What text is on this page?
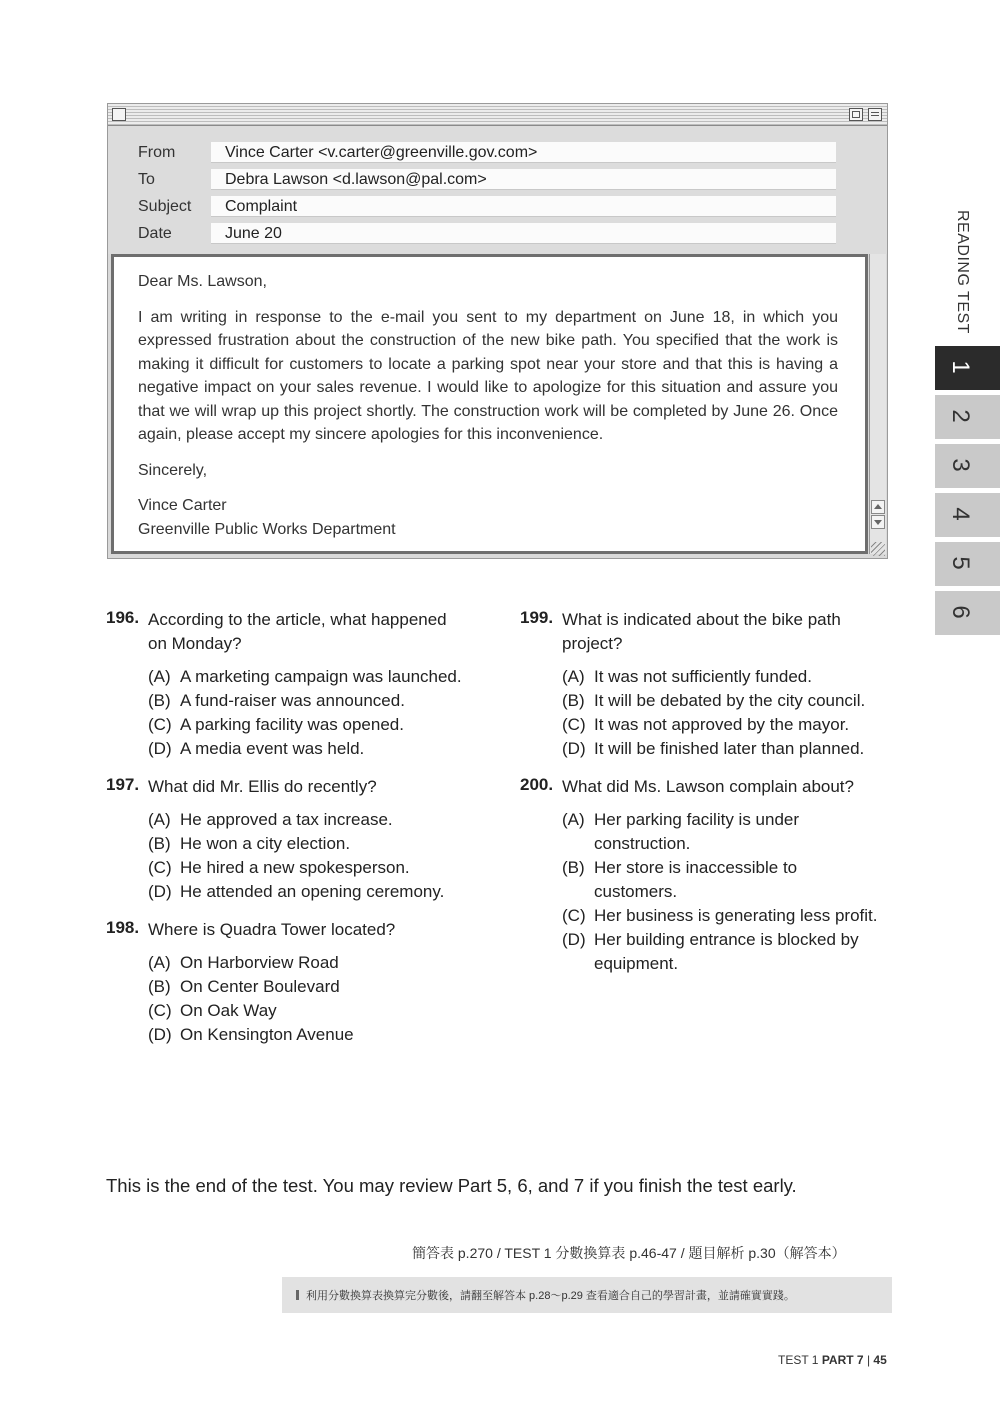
From	Vince Carter <v.carter@greenville.gov.com>
To	Debra Lawson <d.lawson@pal.com>
Subject	Complaint
Date	June 20

Dear Ms. Lawson,

I am writing in response to the e-mail you sent to my department on June 18, in which you expressed frustration about the construction of the new bike path. You specified that the work is making it difficult for customers to locate a parking spot near your store and that this is having a negative impact on your sales revenue. I would like to apologize for this situation and assure you that we will wrap up this project shortly. The construction work will be completed by June 26. Once again, please accept my sincere apologies for this inconvenience.

Sincerely,

Vince Carter
Greenville Public Works Department
READING TEST
1
2
3
4
5
6
196. According to the article, what happened
on Monday?
(A) A marketing campaign was launched.
(B) A fund-raiser was announced.
(C) A parking facility was opened.
(D) A media event was held.
197. What did Mr. Ellis do recently?
(A) He approved a tax increase.
(B) He won a city election.
(C) He hired a new spokesperson.
(D) He attended an opening ceremony.
198. Where is Quadra Tower located?
(A) On Harborview Road
(B) On Center Boulevard
(C) On Oak Way
(D) On Kensington Avenue
199. What is indicated about the bike path
project?
(A) It was not sufficiently funded.
(B) It will be debated by the city council.
(C) It was not approved by the mayor.
(D) It will be finished later than planned.
200. What did Ms. Lawson complain about?
(A) Her parking facility is under
construction.
(B) Her store is inaccessible to
customers.
(C) Her business is generating less profit.
(D) Her building entrance is blocked by
equipment.
This is the end of the test. You may review Part 5, 6, and 7 if you finish the test early.
簡答表 p.270 / TEST 1 分數換算表 p.46-47 / 題目解析 p.30（解答本）
利用分數換算表換算完分數後，請翻至解答本 p.28～p.29 查看適合自己的學習計畫，並請確實實踐。
TEST 1 PART 7 | 45
